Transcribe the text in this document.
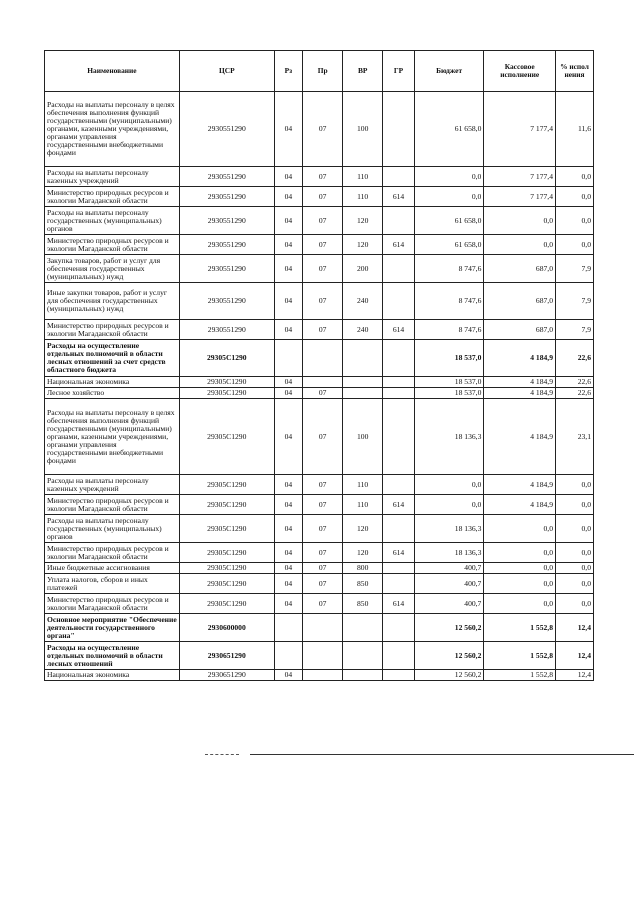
Наименование	ЦСР	Рз	Пр	ВР	ГР	Бюджет	Кассовое исполнение	% испол нения
Расходы на выплаты персоналу в целях обеспечения выполнения функций государственными (муниципальными) органами, казенными учреждениями, органами управления государственными внебюджетными фондами	2930551290	04	07	100		61 658,0	7 177,4	11,6
Расходы на выплаты персоналу казенных учреждений	2930551290	04	07	110		0,0	7 177,4	0,0
Министерство природных ресурсов и экологии Магаданской области	2930551290	04	07	110	614	0,0	7 177,4	0,0
Расходы на выплаты персоналу государственных (муниципальных) органов	2930551290	04	07	120		61 658,0	0,0	0,0
Министерство природных ресурсов и экологии Магаданской области	2930551290	04	07	120	614	61 658,0	0,0	0,0
Закупка товаров, работ и услуг для обеспечения государственных (муниципальных) нужд	2930551290	04	07	200		8 747,6	687,0	7,9
Иные закупки товаров, работ и услуг для обеспечения государственных (муниципальных) нужд	2930551290	04	07	240		8 747,6	687,0	7,9
Министерство природных ресурсов и экологии Магаданской области	2930551290	04	07	240	614	8 747,6	687,0	7,9
Расходы на осуществление отдельных полномочий в области лесных отношений за счет средств областного бюджета	29305С1290					18 537,0	4 184,9	22,6
Национальная экономика	29305С1290	04				18 537,0	4 184,9	22,6
Лесное хозяйство	29305С1290	04	07			18 537,0	4 184,9	22,6
Расходы на выплаты персоналу в целях обеспечения выполнения функций государственными (муниципальными) органами, казенными учреждениями, органами управления государственными внебюджетными фондами	29305С1290	04	07	100		18 136,3	4 184,9	23,1
Расходы на выплаты персоналу казенных учреждений	29305С1290	04	07	110		0,0	4 184,9	0,0
Министерство природных ресурсов и экологии Магаданской области	29305С1290	04	07	110	614	0,0	4 184,9	0,0
Расходы на выплаты персоналу государственных (муниципальных) органов	29305С1290	04	07	120		18 136,3	0,0	0,0
Министерство природных ресурсов и экологии Магаданской области	29305С1290	04	07	120	614	18 136,3	0,0	0,0
Иные бюджетные ассигнования	29305С1290	04	07	800		400,7	0,0	0,0
Уплата налогов, сборов и иных платежей	29305С1290	04	07	850		400,7	0,0	0,0
Министерство природных ресурсов и экологии Магаданской области	29305С1290	04	07	850	614	400,7	0,0	0,0
Основное мероприятие "Обеспечение деятельности государственного органа"	2930600000					12 560,2	1 552,8	12,4
Расходы на осуществление отдельных полномочий в области лесных отношений	2930651290					12 560,2	1 552,8	12,4
Национальная экономика	2930651290	04				12 560,2	1 552,8	12,4
